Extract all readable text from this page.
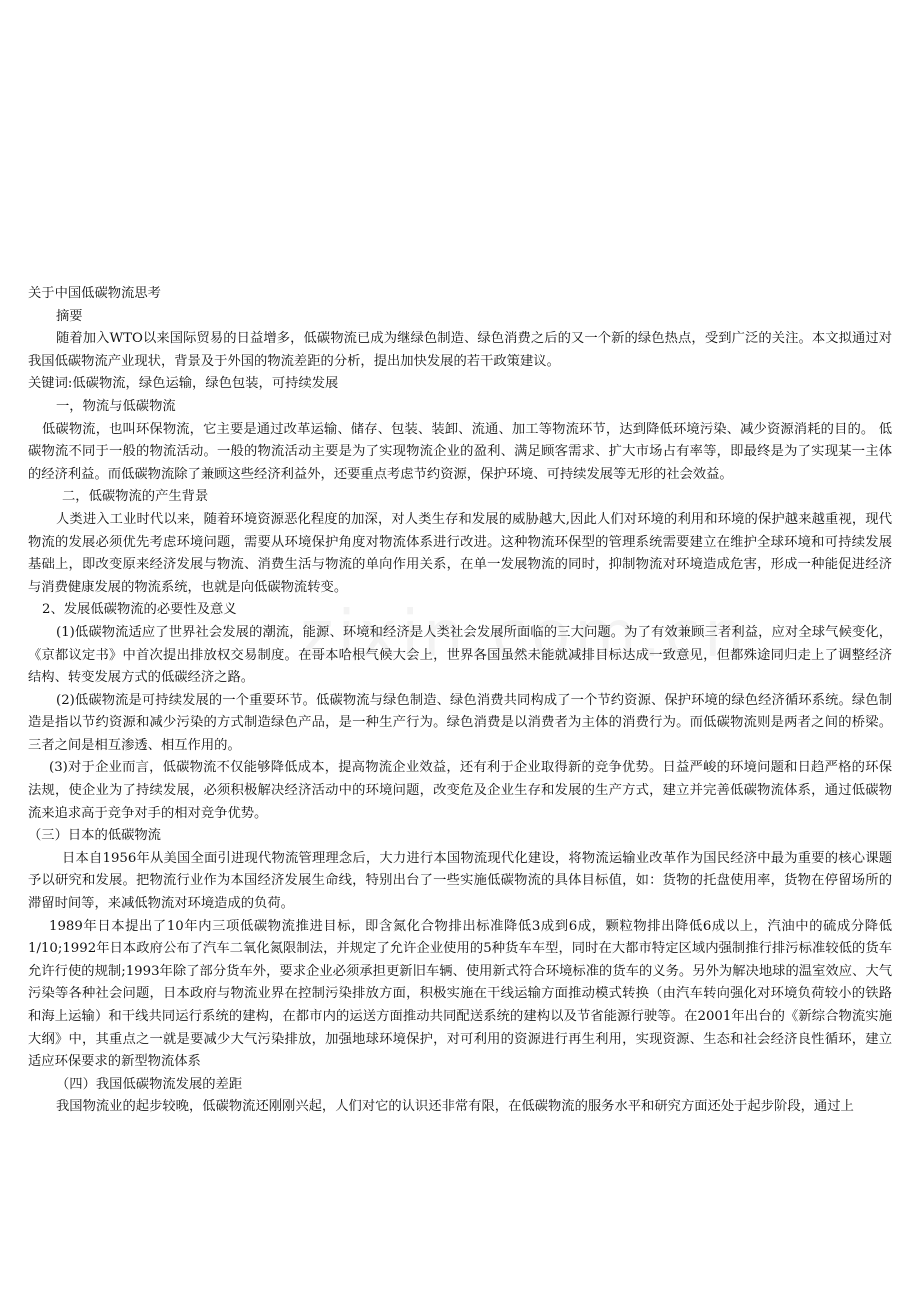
关于中国低碳物流思考

摘要

随着加入WTO以来国际贸易的日益增多，低碳物流已成为继绿色制造、绿色消费之后的又一个新的绿色热点，受到广泛的关注。本文拟通过对我国低碳物流产业现状，背景及于外国的物流差距的分析，提出加快发展的若干政策建议。

关键词:低碳物流，绿色运输，绿色包装，可持续发展

一，物流与低碳物流

低碳物流，也叫环保物流，它主要是通过改革运输、储存、包装、装卸、流通、加工等物流环节，达到降低环境污染、减少资源消耗的目的。 低碳物流不同于一般的物流活动。一般的物流活动主要是为了实现物流企业的盈利、满足顾客需求、扩大市场占有率等，即最终是为了实现某一主体的经济利益。而低碳物流除了兼顾这些经济利益外，还要重点考虑节约资源，保护环境、可持续发展等无形的社会效益。

二，低碳物流的产生背景

人类进入工业时代以来，随着环境资源恶化程度的加深，对人类生存和发展的威胁越大,因此人们对环境的利用和环境的保护越来越重视，现代物流的发展必须优先考虑环境问题，需要从环境保护角度对物流体系进行改进。这种物流环保型的管理系统需要建立在维护全球环境和可持续发展基础上，即改变原来经济发展与物流、消费生活与物流的单向作用关系，在单一发展物流的同时，抑制物流对环境造成危害，形成一种能促进经济与消费健康发展的物流系统，也就是向低碳物流转变。

2、发展低碳物流的必要性及意义

(1)低碳物流适应了世界社会发展的潮流，能源、环境和经济是人类社会发展所面临的三大问题。为了有效兼顾三者利益，应对全球气候变化，《京都议定书》中首次提出排放权交易制度。在哥本哈根气候大会上，世界各国虽然未能就减排目标达成一致意见，但都殊途同归走上了调整经济结构、转变发展方式的低碳经济之路。

(2)低碳物流是可持续发展的一个重要环节。低碳物流与绿色制造、绿色消费共同构成了一个节约资源、保护环境的绿色经济循环系统。绿色制造是指以节约资源和减少污染的方式制造绿色产品，是一种生产行为。绿色消费是以消费者为主体的消费行为。而低碳物流则是两者之间的桥梁。三者之间是相互渗透、相互作用的。

(3)对于企业而言，低碳物流不仅能够降低成本，提高物流企业效益，还有利于企业取得新的竞争优势。日益严峻的环境问题和日趋严格的环保法规，使企业为了持续发展，必须积极解决经济活动中的环境问题，改变危及企业生存和发展的生产方式，建立并完善低碳物流体系，通过低碳物流来追求高于竞争对手的相对竞争优势。

（三）日本的低碳物流

日本自1956年从美国全面引进现代物流管理理念后，大力进行本国物流现代化建设，将物流运输业改革作为国民经济中最为重要的核心课题予以研究和发展。把物流行业作为本国经济发展生命线，特别出台了一些实施低碳物流的具体目标值，如：货物的托盘使用率，货物在停留场所的滞留时间等，来减低物流对环境造成的负荷。

1989年日本提出了10年内三项低碳物流推进目标，即含氮化合物排出标准降低3成到6成，颗粒物排出降低6成以上，汽油中的硫成分降低1/10;1992年日本政府公布了汽车二氧化氮限制法，并规定了允许企业使用的5种货车车型，同时在大都市特定区域内强制推行排污标准较低的货车允许行使的规制;1993年除了部分货车外，要求企业必须承担更新旧车辆、使用新式符合环境标准的货车的义务。另外为解决地球的温室效应、大气污染等各种社会问题，日本政府与物流业界在控制污染排放方面，积极实施在干线运输方面推动模式转换（由汽车转向强化对环境负荷较小的铁路和海上运输）和干线共同运行系统的建构，在都市内的运送方面推动共同配送系统的建构以及节省能源行驶等。在2001年出台的《新综合物流实施大纲》中，其重点之一就是要减少大气污染排放，加强地球环境保护，对可利用的资源进行再生利用，实现资源、生态和社会经济良性循环，建立适应环保要求的新型物流体系

（四）我国低碳物流发展的差距

我国物流业的起步较晚，低碳物流还刚刚兴起，人们对它的认识还非常有限，在低碳物流的服务水平和研究方面还处于起步阶段，通过上
